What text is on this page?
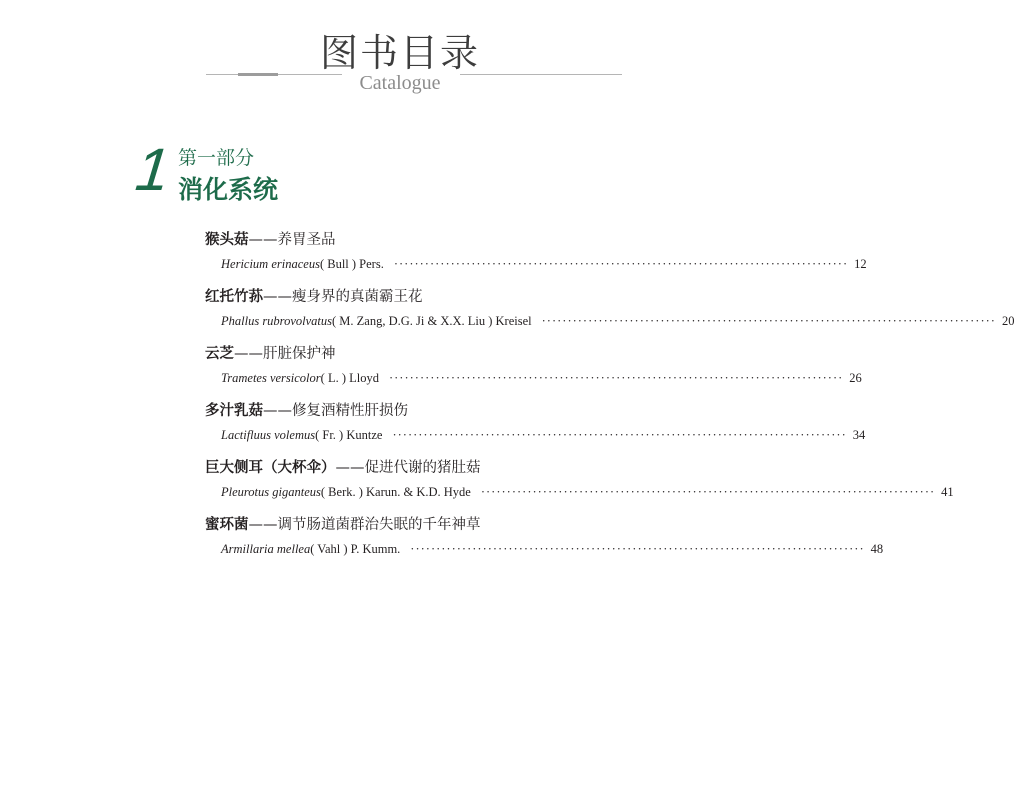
图书目录
Catalogue
1 第一部分
消化系统
猴头菇——养胃圣品
Hericium erinaceus( Bull ) Pers. ························································································ 12
红托竹荪——瘦身界的真菌霸王花
Phallus rubrovolvatus( M. Zang, D.G. Ji & X.X. Liu ) Kreisel ························································································ 20
云芝——肝脏保护神
Trametes versicolor( L. ) Lloyd ························································································ 26
多汁乳菇——修复酒精性肝损伤
Lactifluus volemus( Fr. ) Kuntze ························································································ 34
巨大侧耳（大杯伞）——促进代谢的猪肚菇
Pleurotus giganteus( Berk. ) Karun. & K.D. Hyde ························································································ 41
蜜环菌——调节肠道菌群治失眠的千年神草
Armillaria mellea( Vahl ) P. Kumm. ························································································ 48
